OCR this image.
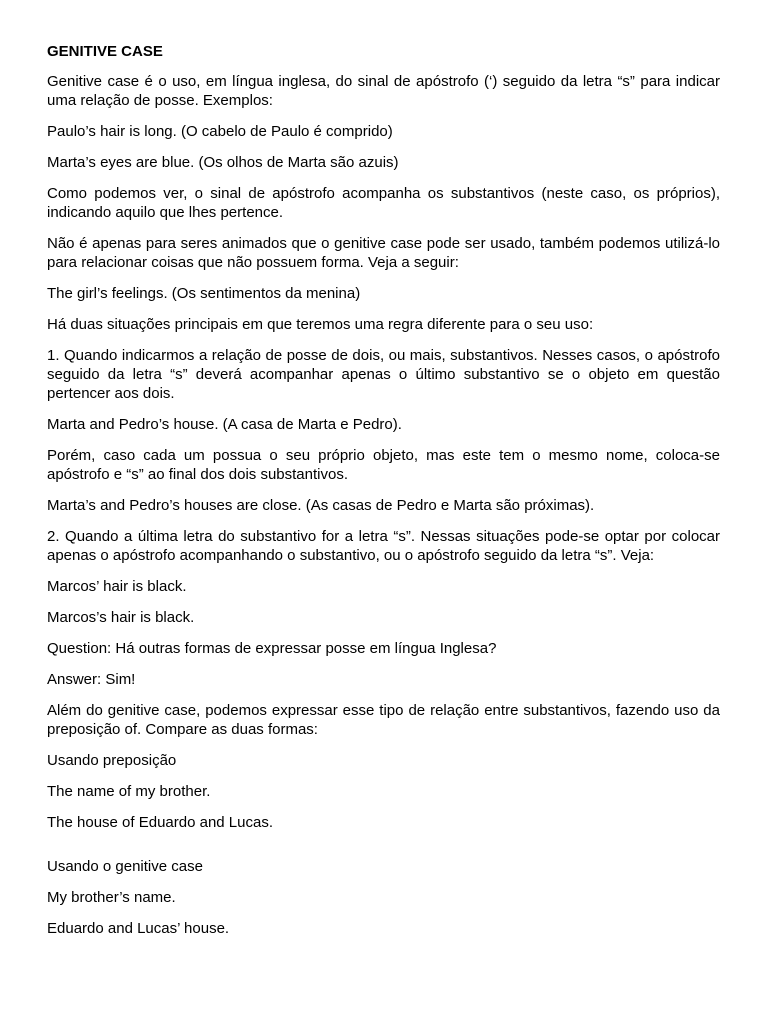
GENITIVE CASE

Genitive case é o uso, em língua inglesa, do sinal de apóstrofo (‘) seguido da letra “s” para indicar uma relação de posse. Exemplos:

Paulo’s hair is long. (O cabelo de Paulo é comprido)

Marta’s eyes are blue. (Os olhos de Marta são azuis)

Como podemos ver, o sinal de apóstrofo acompanha os substantivos (neste caso, os próprios), indicando aquilo que lhes pertence.

Não é apenas para seres animados que o genitive case pode ser usado, também podemos utilizá-lo para relacionar coisas que não possuem forma. Veja a seguir:

The girl’s feelings. (Os sentimentos da menina)

Há duas situações principais em que teremos uma regra diferente para o seu uso:

1. Quando indicarmos a relação de posse de dois, ou mais, substantivos. Nesses casos, o apóstrofo seguido da letra “s” deverá acompanhar apenas o último substantivo se o objeto em questão pertencer aos dois.

Marta and Pedro’s house. (A casa de Marta e Pedro).

Porém, caso cada um possua o seu próprio objeto, mas este tem o mesmo nome, coloca-se apóstrofo e “s” ao final dos dois substantivos.

Marta’s and Pedro’s houses are close. (As casas de Pedro e Marta são próximas).

2. Quando a última letra do substantivo for a letra “s”. Nessas situações pode-se optar por colocar apenas o apóstrofo acompanhando o substantivo, ou o apóstrofo seguido da letra “s”. Veja:

Marcos’ hair is black.

Marcos’s hair is black.

Question: Há outras formas de expressar posse em língua Inglesa?

Answer: Sim!

Além do genitive case, podemos expressar esse tipo de relação entre substantivos, fazendo uso da preposição of. Compare as duas formas:

Usando preposição

The name of my brother.

The house of Eduardo and Lucas.

Usando o genitive case

My brother’s name.

Eduardo and Lucas’ house.
